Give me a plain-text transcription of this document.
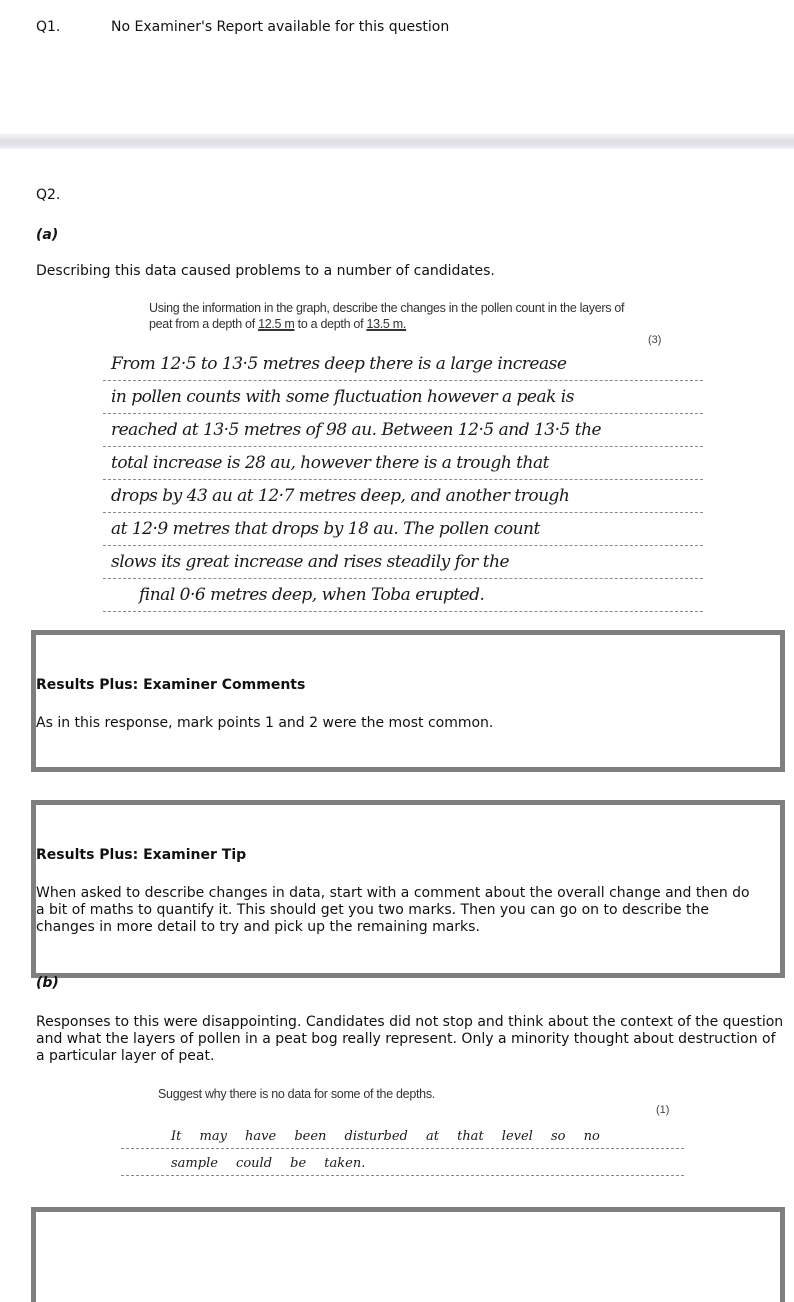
Q1.	No Examiner's Report available for this question
Q2.
(a)
Describing this data caused problems to a number of candidates.
Using the information in the graph, describe the changes in the pollen count in the layers of peat from a depth of 12.5 m to a depth of 13.5 m.
(3)
From 12·5 to 13·5 metres deep there is a large increase
in pollen counts with some fluctuation however a peak is
reached at 13·5 metres of 98 au. Between 12·5 and 13·5 the
total increase is 28 au, however there is a trough that
drops by 43 au at 12·7 metres deep, and another trough
at 12·9 metres that drops by 18 au. The pollen count
slows its great increase and rises steadily for the
final 0·6 metres deep, when Toba erupted.
Results Plus: Examiner Comments
As in this response, mark points 1 and 2 were the most common.
Results Plus: Examiner Tip
When asked to describe changes in data, start with a comment about the overall change and then do a bit of maths to quantify it. This should get you two marks. Then you can go on to describe the changes in more detail to try and pick up the remaining marks.
(b)
Responses to this were disappointing. Candidates did not stop and think about the context of the question and what the layers of pollen in a peat bog really represent. Only a minority thought about destruction of a particular layer of peat.
Suggest why there is no data for some of the depths.
(1)
It may have been disturbed at that level so no
sample could be taken.
